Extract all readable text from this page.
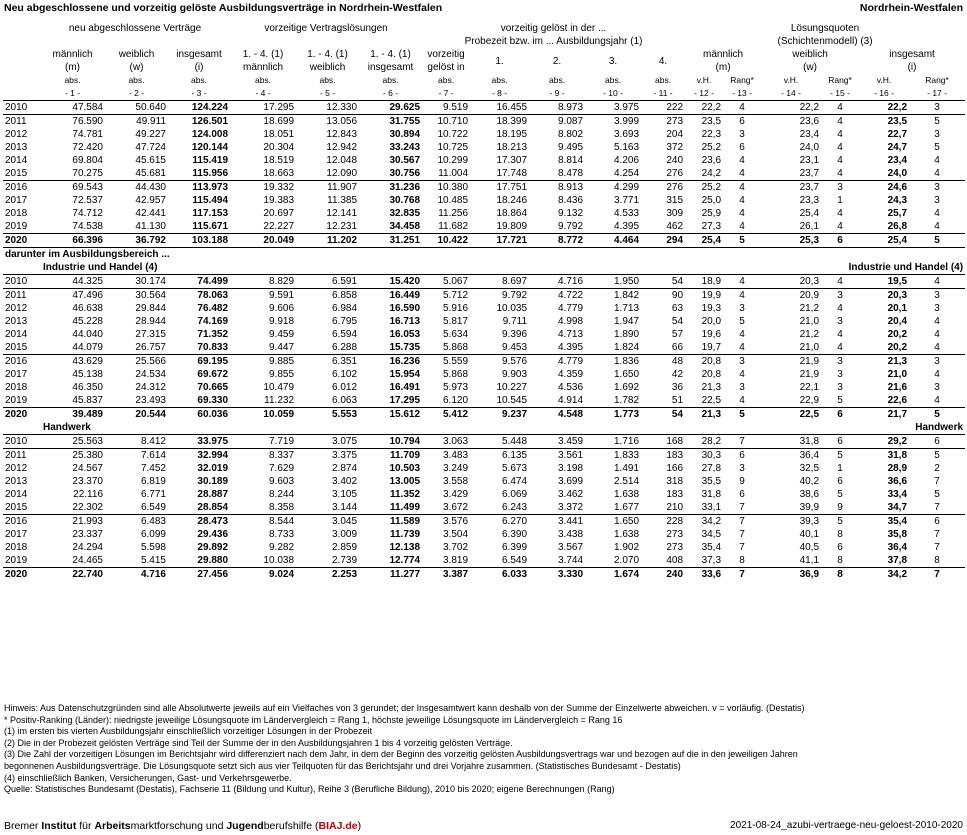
Neu abgeschlossene und vorzeitig gelöste Ausbildungsverträge in Nordrhein-Westfalen	Nordrhein-Westfalen
	neu abgeschlossene Verträge			vorzeitige Vertragslösungen			vorzeitig gelöst in der ...					Lösungsquoten					
							Probezeit bzw. im ... Ausbildungsjahr (1)					(Schichtenmodell) (3)					
	männlich	weiblich	insgesamt	1. - 4. (1)	1. - 4. (1)	1. - 4. (1)	vorzeitig	1.	2.	3.	4.	männlich		weiblich		insgesamt	
	(m)	(w)	(i)	männlich	weiblich	insgesamt	gelöst in					(m)		(w)		(i)	
	abs.	abs.	abs.	abs.	abs.	abs.	abs.	abs.	abs.	abs.	abs.	v.H.	Rang*	v.H.	Rang*	v.H.	Rang*
	- 1 -	- 2 -	- 3 -	- 4 -	- 5 -	- 6 -	- 7 -	- 8 -	- 9 -	- 10 -	- 11 -	- 12 -	- 13 -	- 14 -	- 15 -	- 16 -	- 17 -
2010	47.584	50.640	124.224	17.295	12.330	29.625	9.519	16.455	8.973	3.975	222	22,2	4	22,2	4	22,2	3
2011	76.590	49.911	126.501	18.699	13.056	31.755	10.710	18.399	9.087	3.999	273	23,5	6	23,6	4	23,5	5
2012	74.781	49.227	124.008	18.051	12.843	30.894	10.722	18.195	8.802	3.693	204	22,3	3	23,4	4	22,7	3
2013	72.420	47.724	120.144	20.304	12.942	33.243	10.725	18.213	9.495	5.163	372	25,2	6	24,0	4	24,7	5
2014	69.804	45.615	115.419	18.519	12.048	30.567	10.299	17.307	8.814	4.206	240	23,6	4	23,1	4	23,4	4
2015	70.275	45.681	115.956	18.663	12.090	30.756	11.004	17.748	8.478	4.254	276	24,2	4	23,7	4	24,0	4
2016	69.543	44.430	113.973	19.332	11.907	31.236	10.380	17.751	8.913	4.299	276	25,2	4	23,7	3	24,6	3
2017	72.537	42.957	115.494	19.383	11.385	30.768	10.485	18.246	8.436	3.771	315	25,0	4	23,3	1	24,3	3
2018	74.712	42.441	117.153	20.697	12.141	32.835	11.256	18.864	9.132	4.533	309	25,9	4	25,4	4	25,7	4
2019	74.538	41.130	115.671	22.227	12.231	34.458	11.682	19.809	9.792	4.395	462	27,3	4	26,1	4	26,8	4
2020	66.396	36.792	103.188	20.049	11.202	31.251	10.422	17.721	8.772	4.464	294	25,4	5	25,3	6	25,4	5
darunter im Ausbildungsbereich ...																	
Industrie und Handel (4)						Industrie und Handel (4)											
2010	44.325	30.174	74.499	8.829	6.591	15.420	5.067	8.697	4.716	1.950	54	18,9	4	20,3	4	19,5	4
2011	47.496	30.564	78.063	9.591	6.858	16.449	5.712	9.792	4.722	1.842	90	19,9	4	20,9	3	20,3	3
2012	46.638	29.844	76.482	9.606	6.984	16.590	5.916	10.035	4.779	1.713	63	19,3	3	21,2	4	20,1	3
2013	45.228	28.944	74.169	9.918	6.795	16.713	5.817	9.711	4.998	1.947	54	20,0	5	21,0	3	20,4	4
2014	44.040	27.315	71.352	9.459	6.594	16.053	5.634	9.396	4.713	1.890	57	19,6	4	21,2	4	20,2	4
2015	44.079	26.757	70.833	9.447	6.288	15.735	5.868	9.453	4.395	1.824	66	19,7	4	21,0	4	20,2	4
2016	43.629	25.566	69.195	9.885	6.351	16.236	5.559	9.576	4.779	1.836	48	20,8	3	21,9	3	21,3	3
2017	45.138	24.534	69.672	9.855	6.102	15.954	5.868	9.903	4.359	1.650	42	20,8	4	21,9	3	21,0	4
2018	46.350	24.312	70.665	10.479	6.012	16.491	5.973	10.227	4.536	1.692	36	21,3	3	22,1	3	21,6	3
2019	45.837	23.493	69.330	11.232	6.063	17.295	6.120	10.545	4.914	1.782	51	22,5	4	22,9	5	22,6	4
2020	39.489	20.544	60.036	10.059	5.553	15.612	5.412	9.237	4.548	1.773	54	21,3	5	22,5	6	21,7	5
Handwerk						Handwerk											
2010	25.563	8.412	33.975	7.719	3.075	10.794	3.063	5.448	3.459	1.716	168	28,2	7	31,8	6	29,2	6
2011	25.380	7.614	32.994	8.337	3.375	11.709	3.483	6.135	3.561	1.833	183	30,3	6	36,4	5	31,8	5
2012	24.567	7.452	32.019	7.629	2.874	10.503	3.249	5.673	3.198	1.491	166	27,8	3	32,5	1	28,9	2
2013	23.370	6.819	30.189	9.603	3.402	13.005	3.558	6.474	3.699	2.514	318	35,5	9	40,2	6	36,6	7
2014	22.116	6.771	28.887	8.244	3.105	11.352	3.429	6.069	3.462	1.638	183	31,8	6	38,6	5	33,4	5
2015	22.302	6.549	28.854	8.358	3.144	11.499	3.672	6.243	3.372	1.677	210	33,1	7	39,9	9	34,7	7
2016	21.993	6.483	28.473	8.544	3.045	11.589	3.576	6.270	3.441	1.650	228	34,2	7	39,3	5	35,4	6
2017	23.337	6.099	29.436	8.733	3.009	11.739	3.504	6.390	3.438	1.638	273	34,5	7	40,1	8	35,8	7
2018	24.294	5.598	29.892	9.282	2.859	12.138	3.702	6.399	3.567	1.902	273	35,4	7	40,5	6	36,4	7
2019	24.465	5.415	29.880	10.038	2.739	12.774	3.819	6.549	3.744	2.070	408	37,3	8	41,1	8	37,8	8
2020	22.740	4.716	27.456	9.024	2.253	11.277	3.387	6.033	3.330	1.674	240	33,6	7	36,9	8	34,2	7
Hinweis: Aus Datenschutzgründen sind alle Absolutwerte jeweils auf ein Vielfaches von 3 gerundet; der Insgesamtwert kann deshalb von der Summe der Einzelwerte abweichen. v = vorläufig. (Destatis)
* Positiv-Ranking (Länder): niedrigste jeweilige Lösungsquote im Ländervergleich = Rang 1, höchste jeweilige Lösungsquote im Ländervergleich = Rang 16
(1) im ersten bis vierten Ausbildungsjahr einschließlich vorzeitiger Lösungen in der Probezeit
(2) Die in der Probezeit gelösten Verträge sind Teil der Summe der in den Ausbildungsjahren 1 bis 4 vorzeitig gelösten Verträge.
(3) Die Zahl der vorzeitigen Lösungen im Berichtsjahr wird differenziert nach dem Jahr, in dem der Beginn des vorzeitig gelösten Ausbildungsvertrags war und bezogen auf die in den jeweiligen Jahren
begonnenen Ausbildungsverträge. Die Lösungsquote setzt sich aus vier Teilquoten für das Berichtsjahr und drei Vorjahre zusammen. (Statistisches Bundesamt - Destatis)
(4) einschließlich Banken, Versicherungen, Gast- und Verkehrsgewerbe.
Quelle: Statistisches Bundesamt (Destatis), Fachserie 11 (Bildung und Kultur), Reihe 3 (Berufliche Bildung), 2010 bis 2020; eigene Berechnungen (Rang)
Bremer Institut für Arbeitsmarktforschung und Jugendberufshilfe (BIAJ.de)	2021-08-24_azubi-vertraege-neu-geloest-2010-2020
